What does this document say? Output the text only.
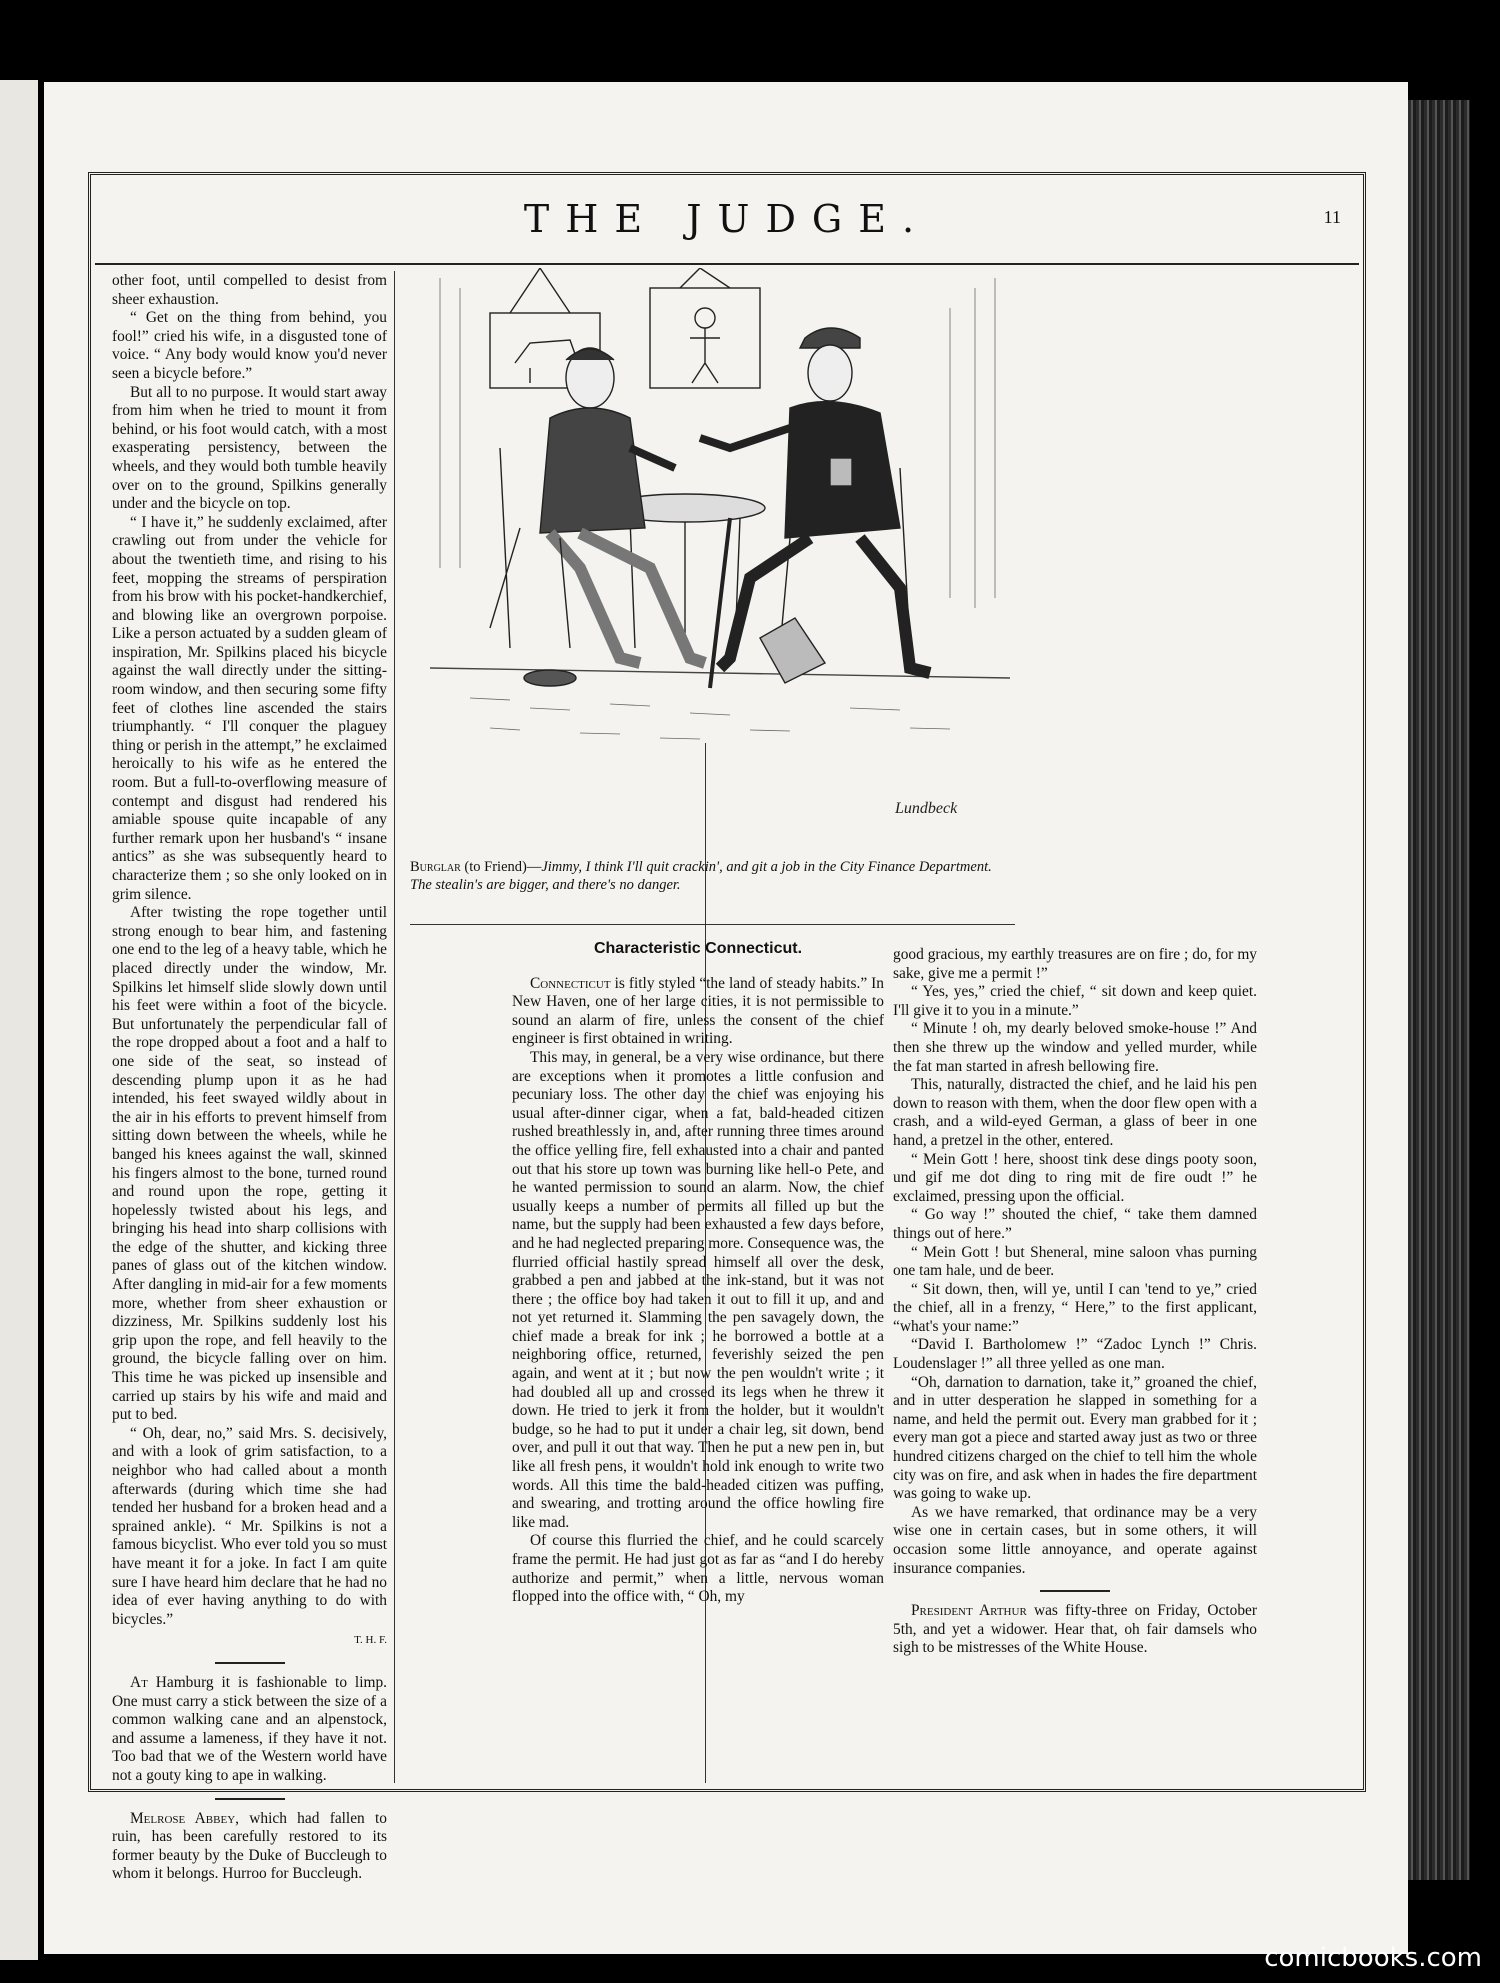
THE JUDGE.	11

other foot, until compelled to desist from sheer exhaustion.

“ Get on the thing from behind, you fool!” cried his wife, in a disgusted tone of voice. “ Any body would know you'd never seen a bicycle before.”

But all to no purpose. It would start away from him when he tried to mount it from behind, or his foot would catch, with a most exasperating persistency, between the wheels, and they would both tumble heavily over on to the ground, Spilkins generally under and the bicycle on top.

“ I have it,” he suddenly exclaimed, after crawling out from under the vehicle for about the twentieth time, and rising to his feet, mopping the streams of perspiration from his brow with his pocket-handkerchief, and blowing like an overgrown porpoise. Like a person actuated by a sudden gleam of inspiration, Mr. Spilkins placed his bicycle against the wall directly under the sitting-room window, and then securing some fifty feet of clothes line ascended the stairs triumphantly. “ I'll conquer the plaguey thing or perish in the attempt,” he exclaimed heroically to his wife as he entered the room. But a full-to-overflowing measure of contempt and disgust had rendered his amiable spouse quite incapable of any further remark upon her husband's “ insane antics” as she was subsequently heard to characterize them ; so she only looked on in grim silence.

After twisting the rope together until strong enough to bear him, and fastening one end to the leg of a heavy table, which he placed directly under the window, Mr. Spilkins let himself slide slowly down until his feet were within a foot of the bicycle. But unfortunately the perpendicular fall of the rope dropped about a foot and a half to one side of the seat, so instead of descending plump upon it as he had intended, his feet swayed wildly about in the air in his efforts to prevent himself from sitting down between the wheels, while he banged his knees against the wall, skinned his fingers almost to the bone, turned round and round upon the rope, getting it hopelessly twisted about his legs, and bringing his head into sharp collisions with the edge of the shutter, and kicking three panes of glass out of the kitchen window. After dangling in mid-air for a few moments more, whether from sheer exhaustion or dizziness, Mr. Spilkins suddenly lost his grip upon the rope, and fell heavily to the ground, the bicycle falling over on him. This time he was picked up insensible and carried up stairs by his wife and maid and put to bed.

“ Oh, dear, no,” said Mrs. S. decisively, and with a look of grim satisfaction, to a neighbor who had called about a month afterwards (during which time she had tended her husband for a broken head and a sprained ankle). “ Mr. Spilkins is not a famous bicyclist. Who ever told you so must have meant it for a joke. In fact I am quite sure I have heard him declare that he had no idea of ever having anything to do with bicycles.”

T. H. F.

At Hamburg it is fashionable to limp. One must carry a stick between the size of a common walking cane and an alpenstock, and assume a lameness, if they have it not. Too bad that we of the Western world have not a gouty king to ape in walking.

Melrose Abbey, which had fallen to ruin, has been carefully restored to its former beauty by the Duke of Buccleugh to whom it belongs. Hurroo for Buccleugh.

Lundbeck
Burglar (to Friend)—Jimmy, I think I'll quit crackin', and git a job in the City Finance Department. The stealin's are bigger, and there's no danger.
Characteristic Connecticut.

Connecticut is fitly styled “the land of steady habits.” In New Haven, one of her large cities, it is not permissible to sound an alarm of fire, unless the consent of the chief engineer is first obtained in writing.

This may, in general, be a very wise ordinance, but there are exceptions when it promotes a little confusion and pecuniary loss. The other day the chief was enjoying his usual after-dinner cigar, when a fat, bald-headed citizen rushed breathlessly in, and, after running three times around the office yelling fire, fell exhausted into a chair and panted out that his store up town was burning like hell-o Pete, and he wanted permission to sound an alarm. Now, the chief usually keeps a number of permits all filled up but the name, but the supply had been exhausted a few days before, and he had neglected preparing more. Consequence was, the flurried official hastily spread himself all over the desk, grabbed a pen and jabbed at the ink-stand, but it was not there ; the office boy had taken it out to fill it up, and and not yet returned it. Slamming the pen savagely down, the chief made a break for ink ; he borrowed a bottle at a neighboring office, returned, feverishly seized the pen again, and went at it ; but now the pen wouldn't write ; it had doubled all up and crossed its legs when he threw it down. He tried to jerk it from the holder, but it wouldn't budge, so he had to put it under a chair leg, sit down, bend over, and pull it out that way. Then he put a new pen in, but like all fresh pens, it wouldn't hold ink enough to write two words. All this time the bald-headed citizen was puffing, and swearing, and trotting around the office howling fire like mad.

Of course this flurried the chief, and he could scarcely frame the permit. He had just got as far as “and I do hereby authorize and permit,” when a little, nervous woman flopped into the office with, “ Oh, my

good gracious, my earthly treasures are on fire ; do, for my sake, give me a permit !”

“ Yes, yes,” cried the chief, “ sit down and keep quiet. I'll give it to you in a minute.”

“ Minute ! oh, my dearly beloved smoke-house !” And then she threw up the window and yelled murder, while the fat man started in afresh bellowing fire.

This, naturally, distracted the chief, and he laid his pen down to reason with them, when the door flew open with a crash, and a wild-eyed German, a glass of beer in one hand, a pretzel in the other, entered.

“ Mein Gott ! here, shoost tink dese dings pooty soon, und gif me dot ding to ring mit de fire oudt !” he exclaimed, pressing upon the official.

“ Go way !” shouted the chief, “ take them damned things out of here.”

“ Mein Gott ! but Sheneral, mine saloon vhas purning one tam hale, und de beer.

“ Sit down, then, will ye, until I can 'tend to ye,” cried the chief, all in a frenzy, “ Here,” to the first applicant, “what's your name:”

“David I. Bartholomew !” “Zadoc Lynch !” Chris. Loudenslager !” all three yelled as one man.

“Oh, darnation to darnation, take it,” groaned the chief, and in utter desperation he slapped in something for a name, and held the permit out. Every man grabbed for it ; every man got a piece and started away just as two or three hundred citizens charged on the chief to tell him the whole city was on fire, and ask when in hades the fire department was going to wake up.

As we have remarked, that ordinance may be a very wise one in certain cases, but in some others, it will occasion some little annoyance, and operate against insurance companies.

President Arthur was fifty-three on Friday, October 5th, and yet a widower. Hear that, oh fair damsels who sigh to be mistresses of the White House.

comicbooks.com
